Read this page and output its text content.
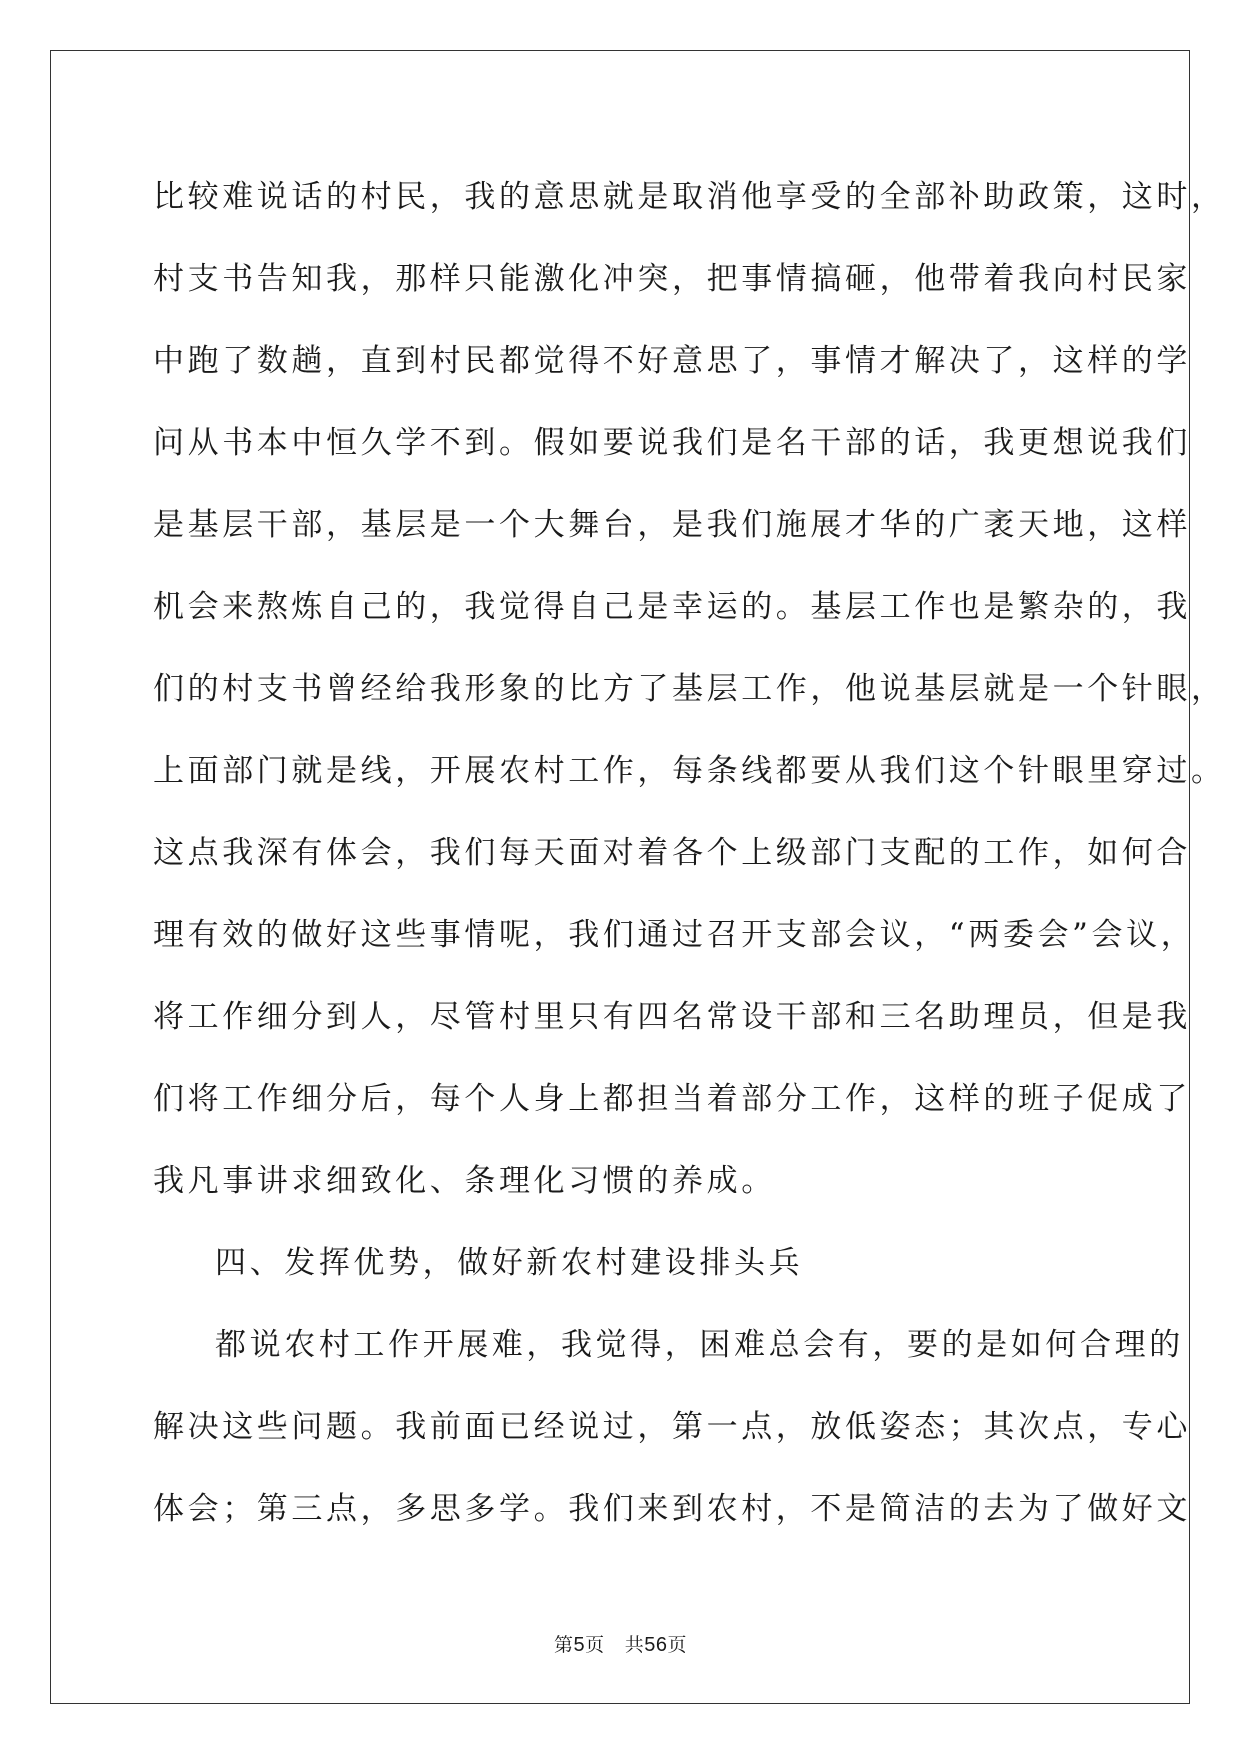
比较难说话的村民，我的意思就是取消他享受的全部补助政策，这时，
村支书告知我，那样只能激化冲突，把事情搞砸，他带着我向村民家
中跑了数趟，直到村民都觉得不好意思了，事情才解决了，这样的学
问从书本中恒久学不到。假如要说我们是名干部的话，我更想说我们
是基层干部，基层是一个大舞台，是我们施展才华的广袤天地，这样
机会来熬炼自己的，我觉得自己是幸运的。基层工作也是繁杂的，我
们的村支书曾经给我形象的比方了基层工作，他说基层就是一个针眼，
上面部门就是线，开展农村工作，每条线都要从我们这个针眼里穿过。
这点我深有体会，我们每天面对着各个上级部门支配的工作，如何合
理有效的做好这些事情呢，我们通过召开支部会议，“两委会”会议，
将工作细分到人，尽管村里只有四名常设干部和三名助理员，但是我
们将工作细分后，每个人身上都担当着部分工作，这样的班子促成了
我凡事讲求细致化、条理化习惯的养成。
四、发挥优势，做好新农村建设排头兵
都说农村工作开展难，我觉得，困难总会有，要的是如何合理的
解决这些问题。我前面已经说过，第一点，放低姿态；其次点，专心
体会；第三点，多思多学。我们来到农村，不是简洁的去为了做好文
第5页 共56页
